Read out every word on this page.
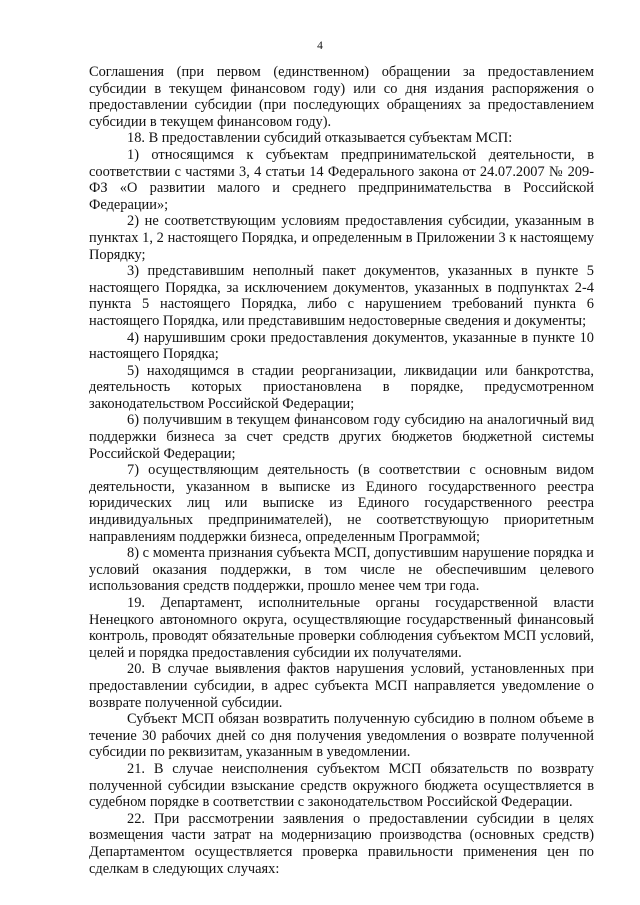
4

Соглашения (при первом (единственном) обращении за предоставлением субсидии в текущем финансовом году) или со дня издания распоряжения о предоставлении субсидии (при последующих обращениях за предоставлением субсидии в текущем финансовом году).

18. В предоставлении субсидий отказывается субъектам МСП:

1) относящимся к субъектам предпринимательской деятельности, в соответствии с частями 3, 4 статьи 14 Федерального закона от 24.07.2007 № 209-ФЗ «О развитии малого и среднего предпринимательства в Российской Федерации»;

2) не соответствующим условиям предоставления субсидии, указанным в пунктах 1, 2 настоящего Порядка, и определенным в Приложении 3 к настоящему Порядку;

3) представившим неполный пакет документов, указанных в пункте 5 настоящего Порядка, за исключением документов, указанных в подпунктах 2-4 пункта 5 настоящего Порядка, либо с нарушением требований пункта 6 настоящего Порядка, или представившим недостоверные сведения и документы;

4) нарушившим сроки предоставления документов, указанные в пункте 10 настоящего Порядка;

5) находящимся в стадии реорганизации, ликвидации или банкротства, деятельность которых приостановлена в порядке, предусмотренном законодательством Российской Федерации;

6) получившим в текущем финансовом году субсидию на аналогичный вид поддержки бизнеса за счет средств других бюджетов бюджетной системы Российской Федерации;

7) осуществляющим деятельность (в соответствии с основным видом деятельности, указанном в выписке из Единого государственного реестра юридических лиц или выписке из Единого государственного реестра индивидуальных предпринимателей), не соответствующую приоритетным направлениям поддержки бизнеса, определенным Программой;

8) с момента признания субъекта МСП, допустившим нарушение порядка и условий оказания поддержки, в том числе не обеспечившим целевого использования средств поддержки, прошло менее чем три года.

19. Департамент, исполнительные органы государственной власти Ненецкого автономного округа, осуществляющие государственный финансовый контроль, проводят обязательные проверки соблюдения субъектом МСП условий, целей и порядка предоставления субсидии их получателями.

20. В случае выявления фактов нарушения условий, установленных при предоставлении субсидии, в адрес субъекта МСП направляется уведомление о возврате полученной субсидии.

Субъект МСП обязан возвратить полученную субсидию в полном объеме в течение 30 рабочих дней со дня получения уведомления о возврате полученной субсидии по реквизитам, указанным в уведомлении.

21. В случае неисполнения субъектом МСП обязательств по возврату полученной субсидии взыскание средств окружного бюджета осуществляется в судебном порядке в соответствии с законодательством Российской Федерации.

22. При рассмотрении заявления о предоставлении субсидии в целях возмещения части затрат на модернизацию производства (основных средств) Департаментом осуществляется проверка правильности применения цен по сделкам в следующих случаях:
